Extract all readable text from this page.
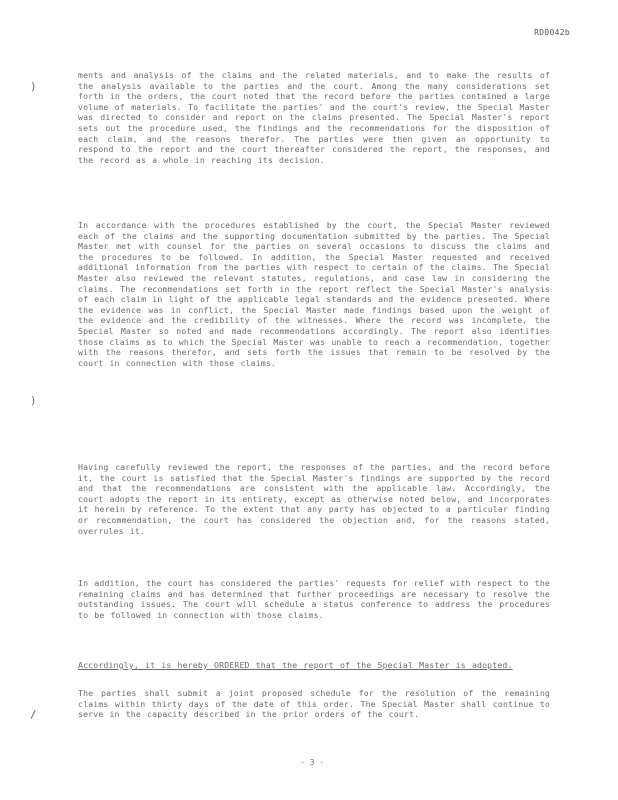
RD0042b
)
)
/
ments and analysis of the claims and the related materials, and to make the results of the analysis available to the parties and the court. Among the many considerations set forth in the orders, the court noted that the record before the parties contained a large volume of materials. To facilitate the parties' and the court's review, the Special Master was directed to consider and report on the claims presented. The Special Master's report sets out the procedure used, the findings and the recommendations for the disposition of each claim, and the reasons therefor. The parties were then given an opportunity to respond to the report and the court thereafter considered the report, the responses, and the record as a whole in reaching its decision.
In accordance with the procedures established by the court, the Special Master reviewed each of the claims and the supporting documentation submitted by the parties. The Special Master met with counsel for the parties on several occasions to discuss the claims and the procedures to be followed. In addition, the Special Master requested and received additional information from the parties with respect to certain of the claims. The Special Master also reviewed the relevant statutes, regulations, and case law in considering the claims. The recommendations set forth in the report reflect the Special Master's analysis of each claim in light of the applicable legal standards and the evidence presented. Where the evidence was in conflict, the Special Master made findings based upon the weight of the evidence and the credibility of the witnesses. Where the record was incomplete, the Special Master so noted and made recommendations accordingly. The report also identifies those claims as to which the Special Master was unable to reach a recommendation, together with the reasons therefor, and sets forth the issues that remain to be resolved by the court in connection with those claims.
Having carefully reviewed the report, the responses of the parties, and the record before it, the court is satisfied that the Special Master's findings are supported by the record and that the recommendations are consistent with the applicable law. Accordingly, the court adopts the report in its entirety, except as otherwise noted below, and incorporates it herein by reference. To the extent that any party has objected to a particular finding or recommendation, the court has considered the objection and, for the reasons stated, overrules it.
In addition, the court has considered the parties' requests for relief with respect to the remaining claims and has determined that further proceedings are necessary to resolve the outstanding issues. The court will schedule a status conference to address the procedures to be followed in connection with those claims.
Accordingly, it is hereby ORDERED that the report of the Special Master is adopted.
The parties shall submit a joint proposed schedule for the resolution of the remaining claims within thirty days of the date of this order. The Special Master shall continue to serve in the capacity described in the prior orders of the court.
- 3 -
